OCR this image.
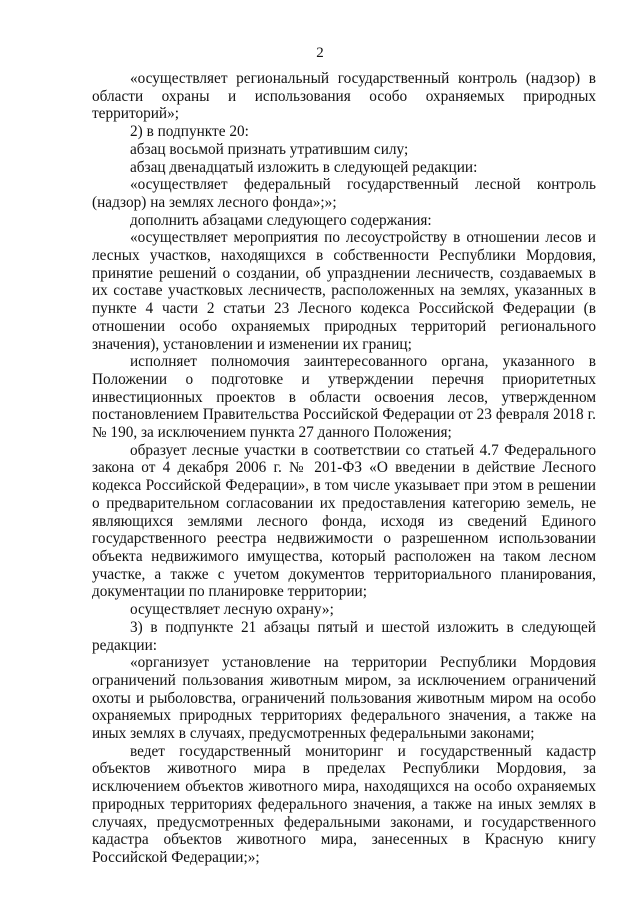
2

«осуществляет региональный государственный контроль (надзор) в области охраны и использования особо охраняемых природных территорий»;

2) в подпункте 20:

абзац восьмой признать утратившим силу;

абзац двенадцатый изложить в следующей редакции:

«осуществляет федеральный государственный лесной контроль (надзор) на землях лесного фонда»;»;

дополнить абзацами следующего содержания:

«осуществляет мероприятия по лесоустройству в отношении лесов и лесных участков, находящихся в собственности Республики Мордовия, принятие решений о создании, об упразднении лесничеств, создаваемых в их составе участковых лесничеств, расположенных на землях, указанных в пункте 4 части 2 статьи 23 Лесного кодекса Российской Федерации (в отношении особо охраняемых природных территорий регионального значения), установлении и изменении их границ;

исполняет полномочия заинтересованного органа, указанного в Положении о подготовке и утверждении перечня приоритетных инвестиционных проектов в области освоения лесов, утвержденном постановлением Правительства Российской Федерации от 23 февраля 2018 г. № 190, за исключением пункта 27 данного Положения;

образует лесные участки в соответствии со статьей 4.7 Федерального закона от 4 декабря 2006 г. № 201-ФЗ «О введении в действие Лесного кодекса Российской Федерации», в том числе указывает при этом в решении о предварительном согласовании их предоставления категорию земель, не являющихся землями лесного фонда, исходя из сведений Единого государственного реестра недвижимости о разрешенном использовании объекта недвижимого имущества, который расположен на таком лесном участке, а также с учетом документов территориального планирования, документации по планировке территории;

осуществляет лесную охрану»;

3) в подпункте 21 абзацы пятый и шестой изложить в следующей редакции:

«организует установление на территории Республики Мордовия ограничений пользования животным миром, за исключением ограничений охоты и рыболовства, ограничений пользования животным миром на особо охраняемых природных территориях федерального значения, а также на иных землях в случаях, предусмотренных федеральными законами;

ведет государственный мониторинг и государственный кадастр объектов животного мира в пределах Республики Мордовия, за исключением объектов животного мира, находящихся на особо охраняемых природных территориях федерального значения, а также на иных землях в случаях, предусмотренных федеральными законами, и государственного кадастра объектов животного мира, занесенных в Красную книгу Российской Федерации;»;
